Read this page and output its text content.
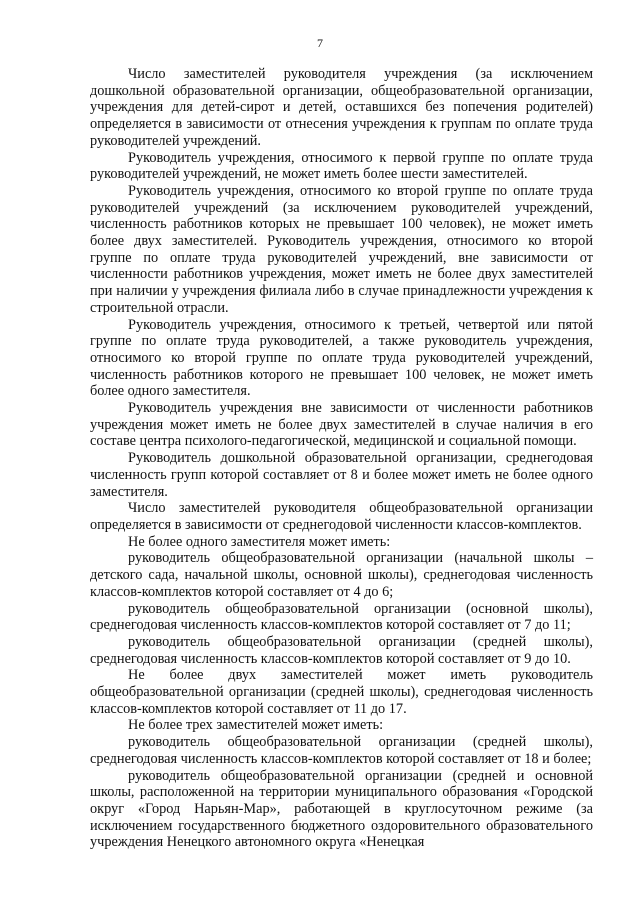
7

Число заместителей руководителя учреждения (за исключением дошкольной образовательной организации, общеобразовательной организации, учреждения для детей-сирот и детей, оставшихся без попечения родителей) определяется в зависимости от отнесения учреждения к группам по оплате труда руководителей учреждений.

Руководитель учреждения, относимого к первой группе по оплате труда руководителей учреждений, не может иметь более шести заместителей.

Руководитель учреждения, относимого ко второй группе по оплате труда руководителей учреждений (за исключением руководителей учреждений, численность работников которых не превышает 100 человек), не может иметь более двух заместителей. Руководитель учреждения, относимого ко второй группе по оплате труда руководителей учреждений, вне зависимости от численности работников учреждения, может иметь не более двух заместителей при наличии у учреждения филиала либо в случае принадлежности учреждения к строительной отрасли.

Руководитель учреждения, относимого к третьей, четвертой или пятой группе по оплате труда руководителей, а также руководитель учреждения, относимого ко второй группе по оплате труда руководителей учреждений, численность работников которого не превышает 100 человек, не может иметь более одного заместителя.

Руководитель учреждения вне зависимости от численности работников учреждения может иметь не более двух заместителей в случае наличия в его составе центра психолого-педагогической, медицинской и социальной помощи.

Руководитель дошкольной образовательной организации, среднегодовая численность групп которой составляет от 8 и более может иметь не более одного заместителя.

Число заместителей руководителя общеобразовательной организации определяется в зависимости от среднегодовой численности классов-комплектов.

Не более одного заместителя может иметь:

руководитель общеобразовательной организации (начальной школы – детского сада, начальной школы, основной школы), среднегодовая численность классов-комплектов которой составляет от 4 до 6;

руководитель общеобразовательной организации (основной школы), среднегодовая численность классов-комплектов которой составляет от 7 до 11;

руководитель общеобразовательной организации (средней школы), среднегодовая численность классов-комплектов которой составляет от 9 до 10.

Не более двух заместителей может иметь руководитель общеобразовательной организации (средней школы), среднегодовая численность классов-комплектов которой составляет от 11 до 17.

Не более трех заместителей может иметь:

руководитель общеобразовательной организации (средней школы), среднегодовая численность классов-комплектов которой составляет от 18 и более;

руководитель общеобразовательной организации (средней и основной школы, расположенной на территории муниципального образования «Городской округ «Город Нарьян-Мар», работающей в круглосуточном режиме (за исключением государственного бюджетного оздоровительного образовательного учреждения Ненецкого автономного округа «Ненецкая
